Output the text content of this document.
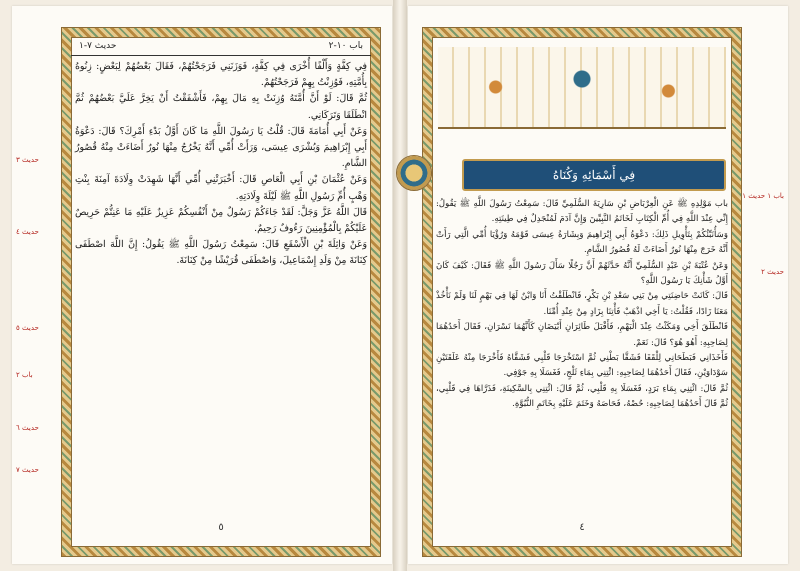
حديث ٣
حديث ٤
حديث ٥
باب ٢
حديث ٦
حديث ٧
حديث ٧-١	باب ١٠-٢

فِي كِفَّةٍ وَأَلْفًا أُخْرَى فِي كِفَّةٍ، فَوَزَنَنِي فَرَجَحْتُهُمْ، فَقَالَ بَعْضُهُمْ لِبَعْضٍ: زِنُوهُ بِأُمَّتِهِ، فَوُزِنْتُ بِهِمْ فَرَجَحْتُهُمْ.

ثُمَّ قَالَ: لَوْ أَنَّ أُمَّتَهُ وُزِنَتْ بِهِ مَالَ بِهِمْ، فَأَشْفَقْتُ أَنْ يَخِرَّ عَلَيَّ بَعْضُهُمْ ثُمَّ انْطَلَقَا وَتَرَكَانِي.

وَعَنْ أَبِي أُمَامَةَ قَالَ: قُلْتُ يَا رَسُولَ اللَّهِ مَا كَانَ أَوَّلُ بَدْءِ أَمْرِكَ؟ قَالَ: دَعْوَةُ أَبِي إِبْرَاهِيمَ وَبُشْرَى عِيسَى، وَرَأَتْ أُمِّي أَنَّهُ يَخْرُجُ مِنْهَا نُورٌ أَضَاءَتْ مِنْهُ قُصُورُ الشَّامِ.

وَعَنْ عُثْمَانَ بْنِ أَبِي الْعَاصِ قَالَ: أَخْبَرَتْنِي أُمِّي أَنَّهَا شَهِدَتْ وِلَادَةَ آمِنَةَ بِنْتِ وَهْبٍ أُمِّ رَسُولِ اللَّهِ ﷺ لَيْلَةَ وِلَادَتِهِ.

قَالَ اللَّهُ عَزَّ وَجَلَّ: لَقَدْ جَاءَكُمْ رَسُولٌ مِنْ أَنْفُسِكُمْ عَزِيزٌ عَلَيْهِ مَا عَنِتُّمْ حَرِيصٌ عَلَيْكُمْ بِالْمُؤْمِنِينَ رَءُوفٌ رَحِيمٌ.

وَعَنْ وَاثِلَةَ بْنِ الْأَسْقَعِ قَالَ: سَمِعْتُ رَسُولَ اللَّهِ ﷺ يَقُولُ: إِنَّ اللَّهَ اصْطَفَى كِنَانَةَ مِنْ وَلَدِ إِسْمَاعِيلَ، وَاصْطَفَى قُرَيْشًا مِنْ كِنَانَةَ.

٥
باب ١ حديث ١
حديث ٢
فِي أَسْمَائِهِ وَكُنَاهُ

باب مَوْلِدِهِ ﷺ عَنِ الْعِرْبَاضِ بْنِ سَارِيَةَ السُّلَمِيِّ قَالَ: سَمِعْتُ رَسُولَ اللَّهِ ﷺ يَقُولُ: إِنِّي عِنْدَ اللَّهِ فِي أُمِّ الْكِتَابِ لَخَاتَمُ النَّبِيِّينَ وَإِنَّ آدَمَ لَمُنْجَدِلٌ فِي طِينَتِهِ.

وَسَأُنَبِّئُكُمْ بِتَأْوِيلِ ذَلِكَ: دَعْوَةُ أَبِي إِبْرَاهِيمَ وَبِشَارَةُ عِيسَى قَوْمَهُ وَرُؤْيَا أُمِّي الَّتِي رَأَتْ أَنَّهُ خَرَجَ مِنْهَا نُورٌ أَضَاءَتْ لَهُ قُصُورُ الشَّامِ.

وَعَنْ عُتْبَةَ بْنِ عَبْدٍ السُّلَمِيِّ أَنَّهُ حَدَّثَهُمْ أَنَّ رَجُلًا سَأَلَ رَسُولَ اللَّهِ ﷺ فَقَالَ: كَيْفَ كَانَ أَوَّلُ شَأْنِكَ يَا رَسُولَ اللَّهِ؟

قَالَ: كَانَتْ حَاضِنَتِي مِنْ بَنِي سَعْدِ بْنِ بَكْرٍ، فَانْطَلَقْتُ أَنَا وَابْنٌ لَهَا فِي بَهْمٍ لَنَا وَلَمْ نَأْخُذْ مَعَنَا زَادًا، فَقُلْتُ: يَا أَخِي اذْهَبْ فَأْتِنَا بِزَادٍ مِنْ عِنْدِ أُمِّنَا.

فَانْطَلَقَ أَخِي وَمَكَثْتُ عِنْدَ الْبَهْمِ، فَأَقْبَلَ طَائِرَانِ أَبْيَضَانِ كَأَنَّهُمَا نَسْرَانِ، فَقَالَ أَحَدُهُمَا لِصَاحِبِهِ: أَهُوَ هُوَ؟ قَالَ: نَعَمْ.

فَأَخَذَانِي فَبَطَحَانِي لِلْقَفَا فَشَقَّا بَطْنِي ثُمَّ اسْتَخْرَجَا قَلْبِي فَشَقَّاهُ فَأَخْرَجَا مِنْهُ عَلَقَتَيْنِ سَوْدَاوَيْنِ، فَقَالَ أَحَدُهُمَا لِصَاحِبِهِ: ائْتِنِي بِمَاءِ ثَلْجٍ، فَغَسَلَا بِهِ جَوْفِي.

ثُمَّ قَالَ: ائْتِنِي بِمَاءِ بَرَدٍ، فَغَسَلَا بِهِ قَلْبِي، ثُمَّ قَالَ: ائْتِنِي بِالسَّكِينَةِ، فَذَرَّاهَا فِي قَلْبِي، ثُمَّ قَالَ أَحَدُهُمَا لِصَاحِبِهِ: حُصْهُ، فَحَاصَهُ وَخَتَمَ عَلَيْهِ بِخَاتَمِ النُّبُوَّةِ.

٤
